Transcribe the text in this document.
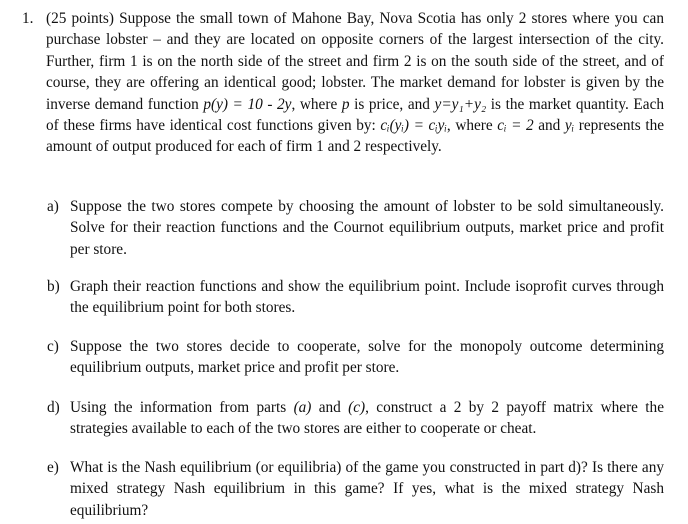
1. (25 points) Suppose the small town of Mahone Bay, Nova Scotia has only 2 stores where you can purchase lobster – and they are located on opposite corners of the largest intersection of the city. Further, firm 1 is on the north side of the street and firm 2 is on the south side of the street, and of course, they are offering an identical good; lobster. The market demand for lobster is given by the inverse demand function p(y) = 10 - 2y, where p is price, and y=y₁+y₂ is the market quantity. Each of these firms have identical cost functions given by: cᵢ(yᵢ) = cᵢyᵢ, where cᵢ = 2 and yᵢ represents the amount of output produced for each of firm 1 and 2 respectively.
a) Suppose the two stores compete by choosing the amount of lobster to be sold simultaneously. Solve for their reaction functions and the Cournot equilibrium outputs, market price and profit per store.
b) Graph their reaction functions and show the equilibrium point. Include isoprofit curves through the equilibrium point for both stores.
c) Suppose the two stores decide to cooperate, solve for the monopoly outcome determining equilibrium outputs, market price and profit per store.
d) Using the information from parts (a) and (c), construct a 2 by 2 payoff matrix where the strategies available to each of the two stores are either to cooperate or cheat.
e) What is the Nash equilibrium (or equilibria) of the game you constructed in part d)? Is there any mixed strategy Nash equilibrium in this game? If yes, what is the mixed strategy Nash equilibrium?
